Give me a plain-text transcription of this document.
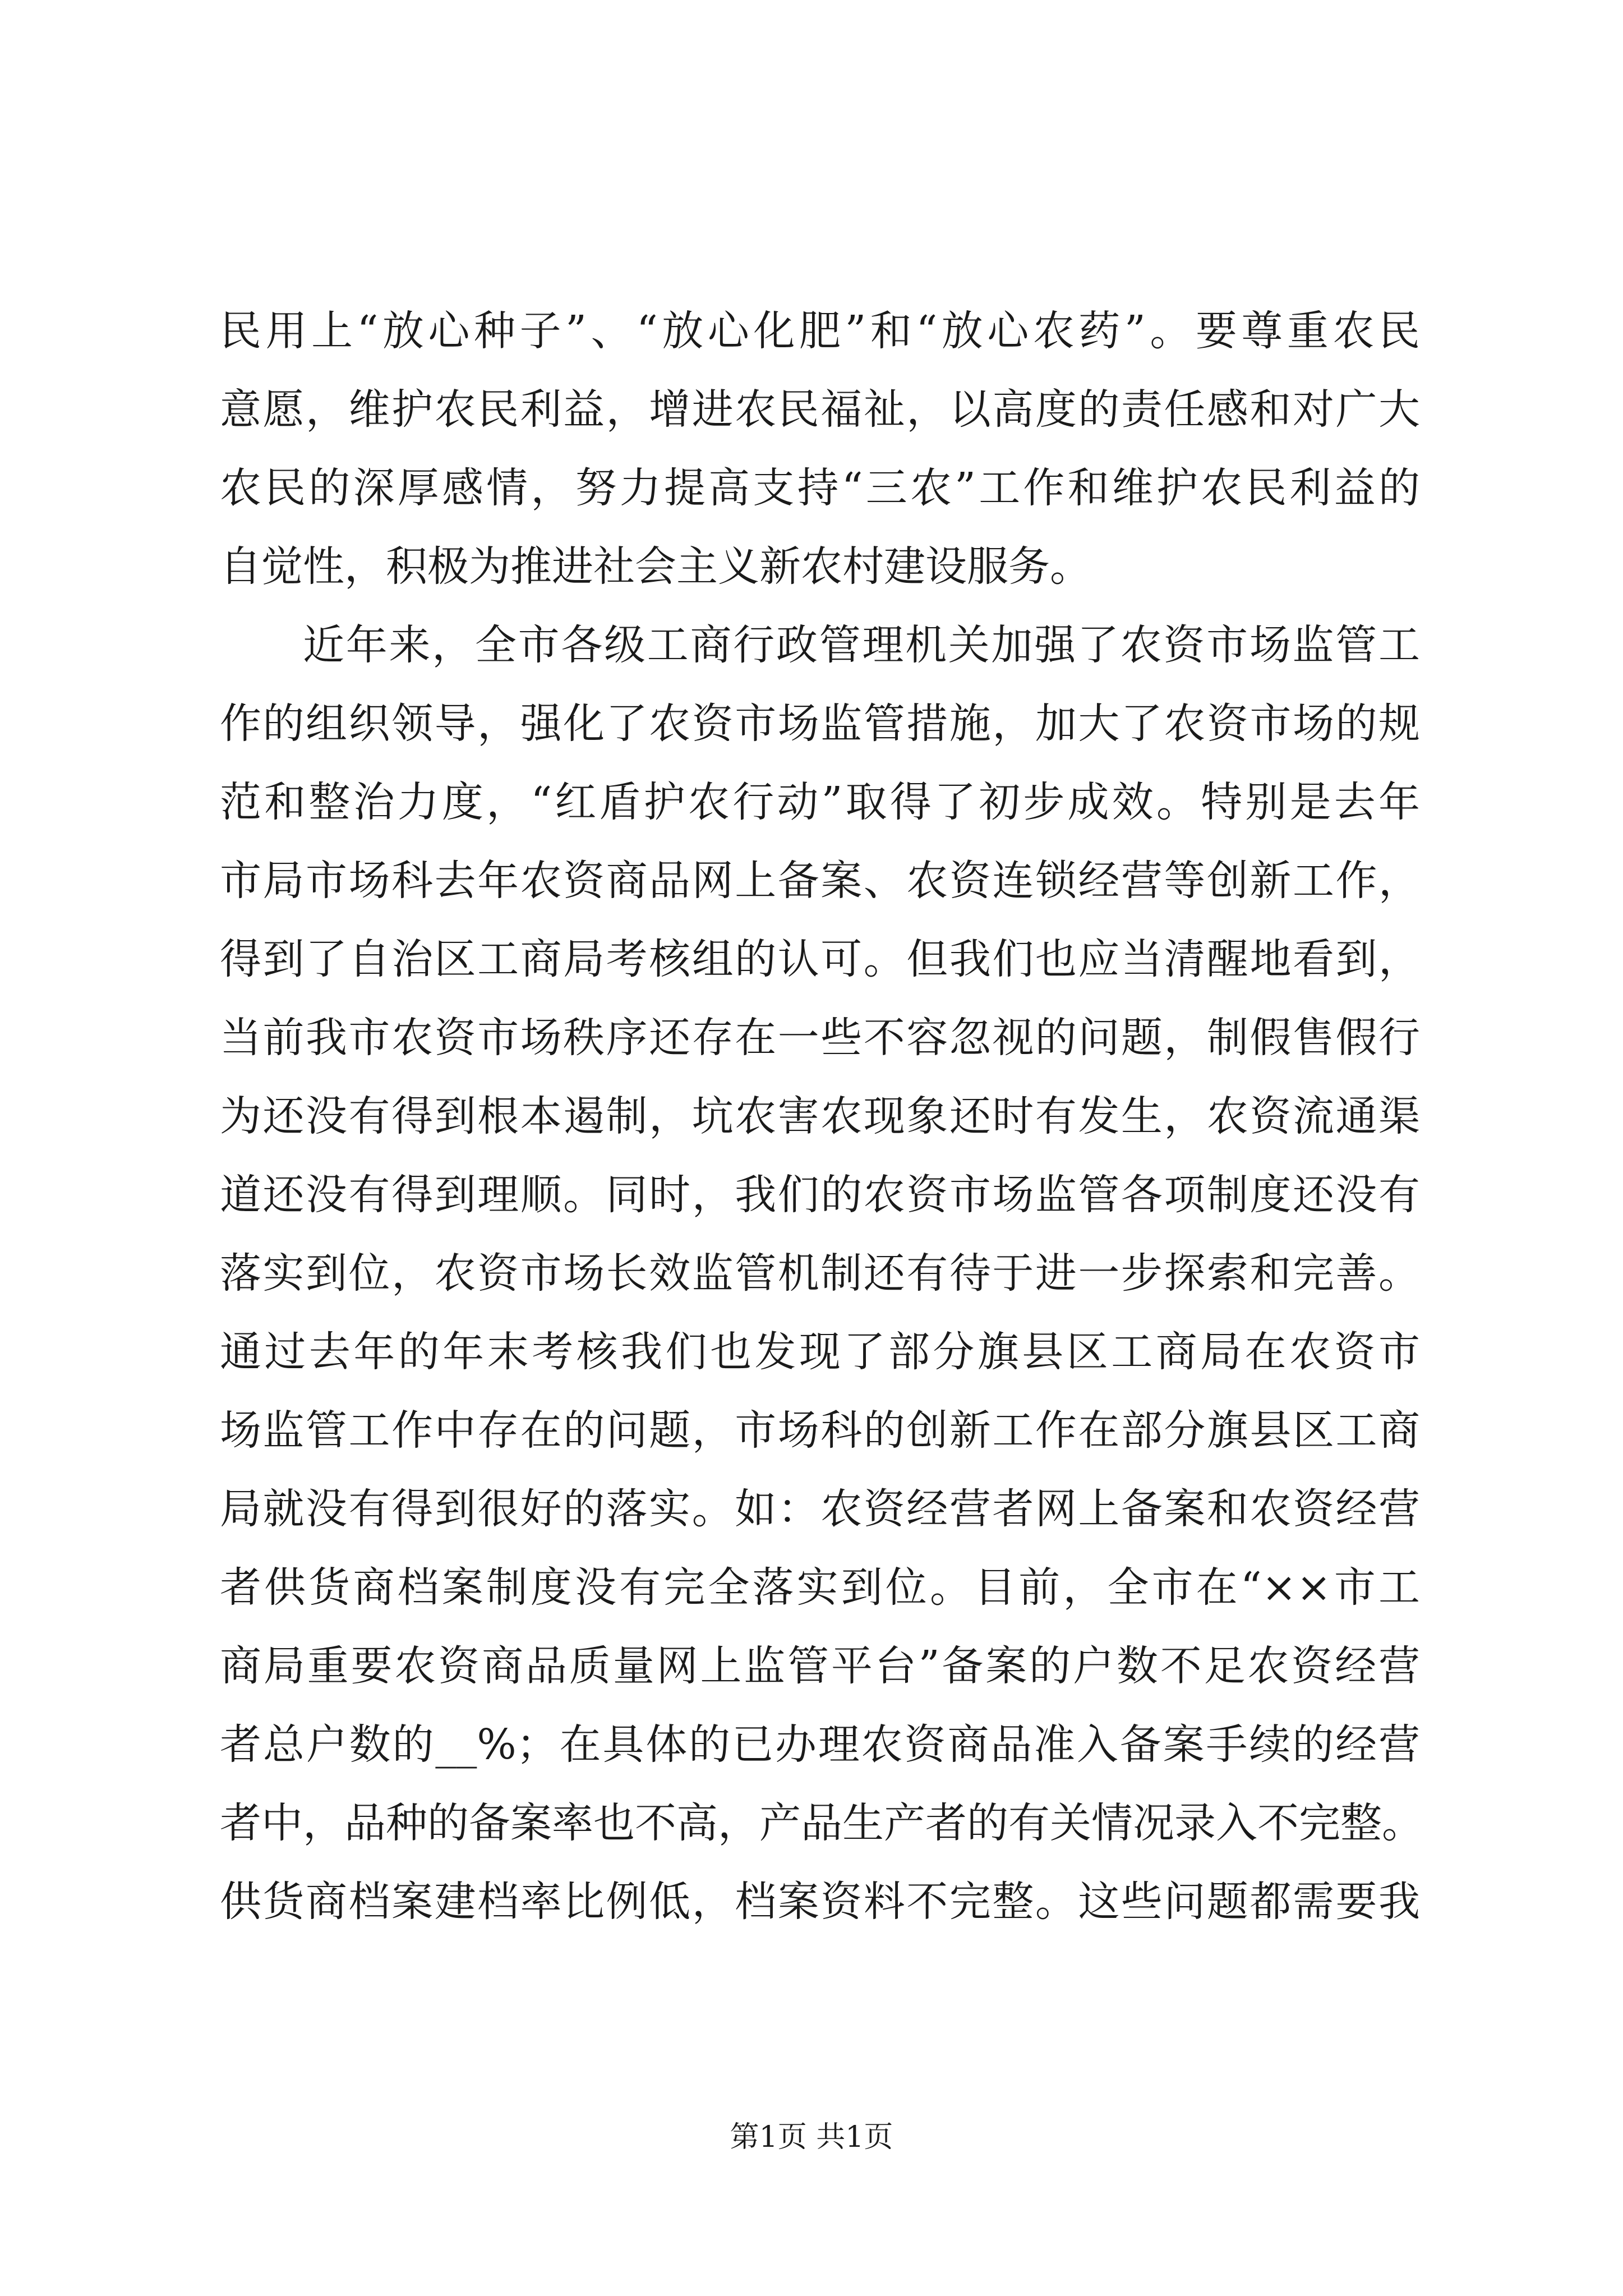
民用上“放心种子”、“放心化肥”和“放心农药”。要尊重农民
意愿，维护农民利益，增进农民福祉，以高度的责任感和对广大
农民的深厚感情，努力提高支持“三农”工作和维护农民利益的
自觉性，积极为推进社会主义新农村建设服务。
近年来，全市各级工商行政管理机关加强了农资市场监管工
作的组织领导，强化了农资市场监管措施，加大了农资市场的规
范和整治力度，“红盾护农行动”取得了初步成效。特别是去年
市局市场科去年农资商品网上备案、农资连锁经营等创新工作，
得到了自治区工商局考核组的认可。但我们也应当清醒地看到，
当前我市农资市场秩序还存在一些不容忽视的问题，制假售假行
为还没有得到根本遏制，坑农害农现象还时有发生，农资流通渠
道还没有得到理顺。同时，我们的农资市场监管各项制度还没有
落实到位，农资市场长效监管机制还有待于进一步探索和完善。
通过去年的年末考核我们也发现了部分旗县区工商局在农资市
场监管工作中存在的问题，市场科的创新工作在部分旗县区工商
局就没有得到很好的落实。如：农资经营者网上备案和农资经营
者供货商档案制度没有完全落实到位。目前，全市在“××市工
商局重要农资商品质量网上监管平台”备案的户数不足农资经营
者总户数的__%；在具体的已办理农资商品准入备案手续的经营
者中，品种的备案率也不高，产品生产者的有关情况录入不完整。
供货商档案建档率比例低，档案资料不完整。这些问题都需要我
第1页 共1页
